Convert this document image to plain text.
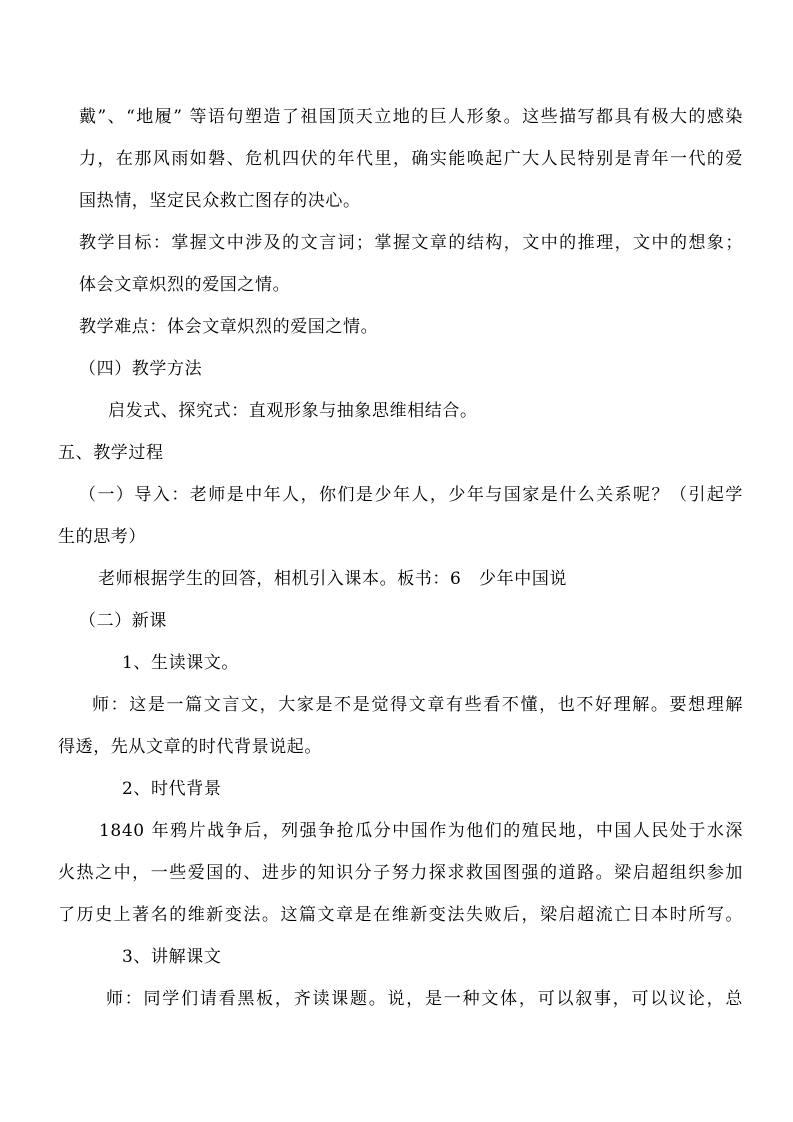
戴”、“地履” 等语句塑造了祖国顶天立地的巨人形象。这些描写都具有极大的感染
力，在那风雨如磐、危机四伏的年代里，确实能唤起广大人民特别是青年一代的爱
国热情，坚定民众救亡图存的决心。
教学目标：掌握文中涉及的文言词；掌握文章的结构，文中的推理，文中的想象；
体会文章炽烈的爱国之情。
教学难点：体会文章炽烈的爱国之情。
（四）教学方法
启发式、探究式：直观形象与抽象思维相结合。
五、教学过程
（一）导入：老师是中年人，你们是少年人，少年与国家是什么关系呢？（引起学
生的思考）
老师根据学生的回答，相机引入课本。板书：6　少年中国说
（二）新课
1、生读课文。
师：这是一篇文言文，大家是不是觉得文章有些看不懂，也不好理解。要想理解
得透，先从文章的时代背景说起。
2、时代背景
1840 年鸦片战争后，列强争抢瓜分中国作为他们的殖民地，中国人民处于水深
火热之中，一些爱国的、进步的知识分子努力探求救国图强的道路。梁启超组织参加
了历史上著名的维新变法。这篇文章是在维新变法失败后，梁启超流亡日本时所写。
3、讲解课文
师：同学们请看黑板，齐读课题。说，是一种文体，可以叙事，可以议论，总
